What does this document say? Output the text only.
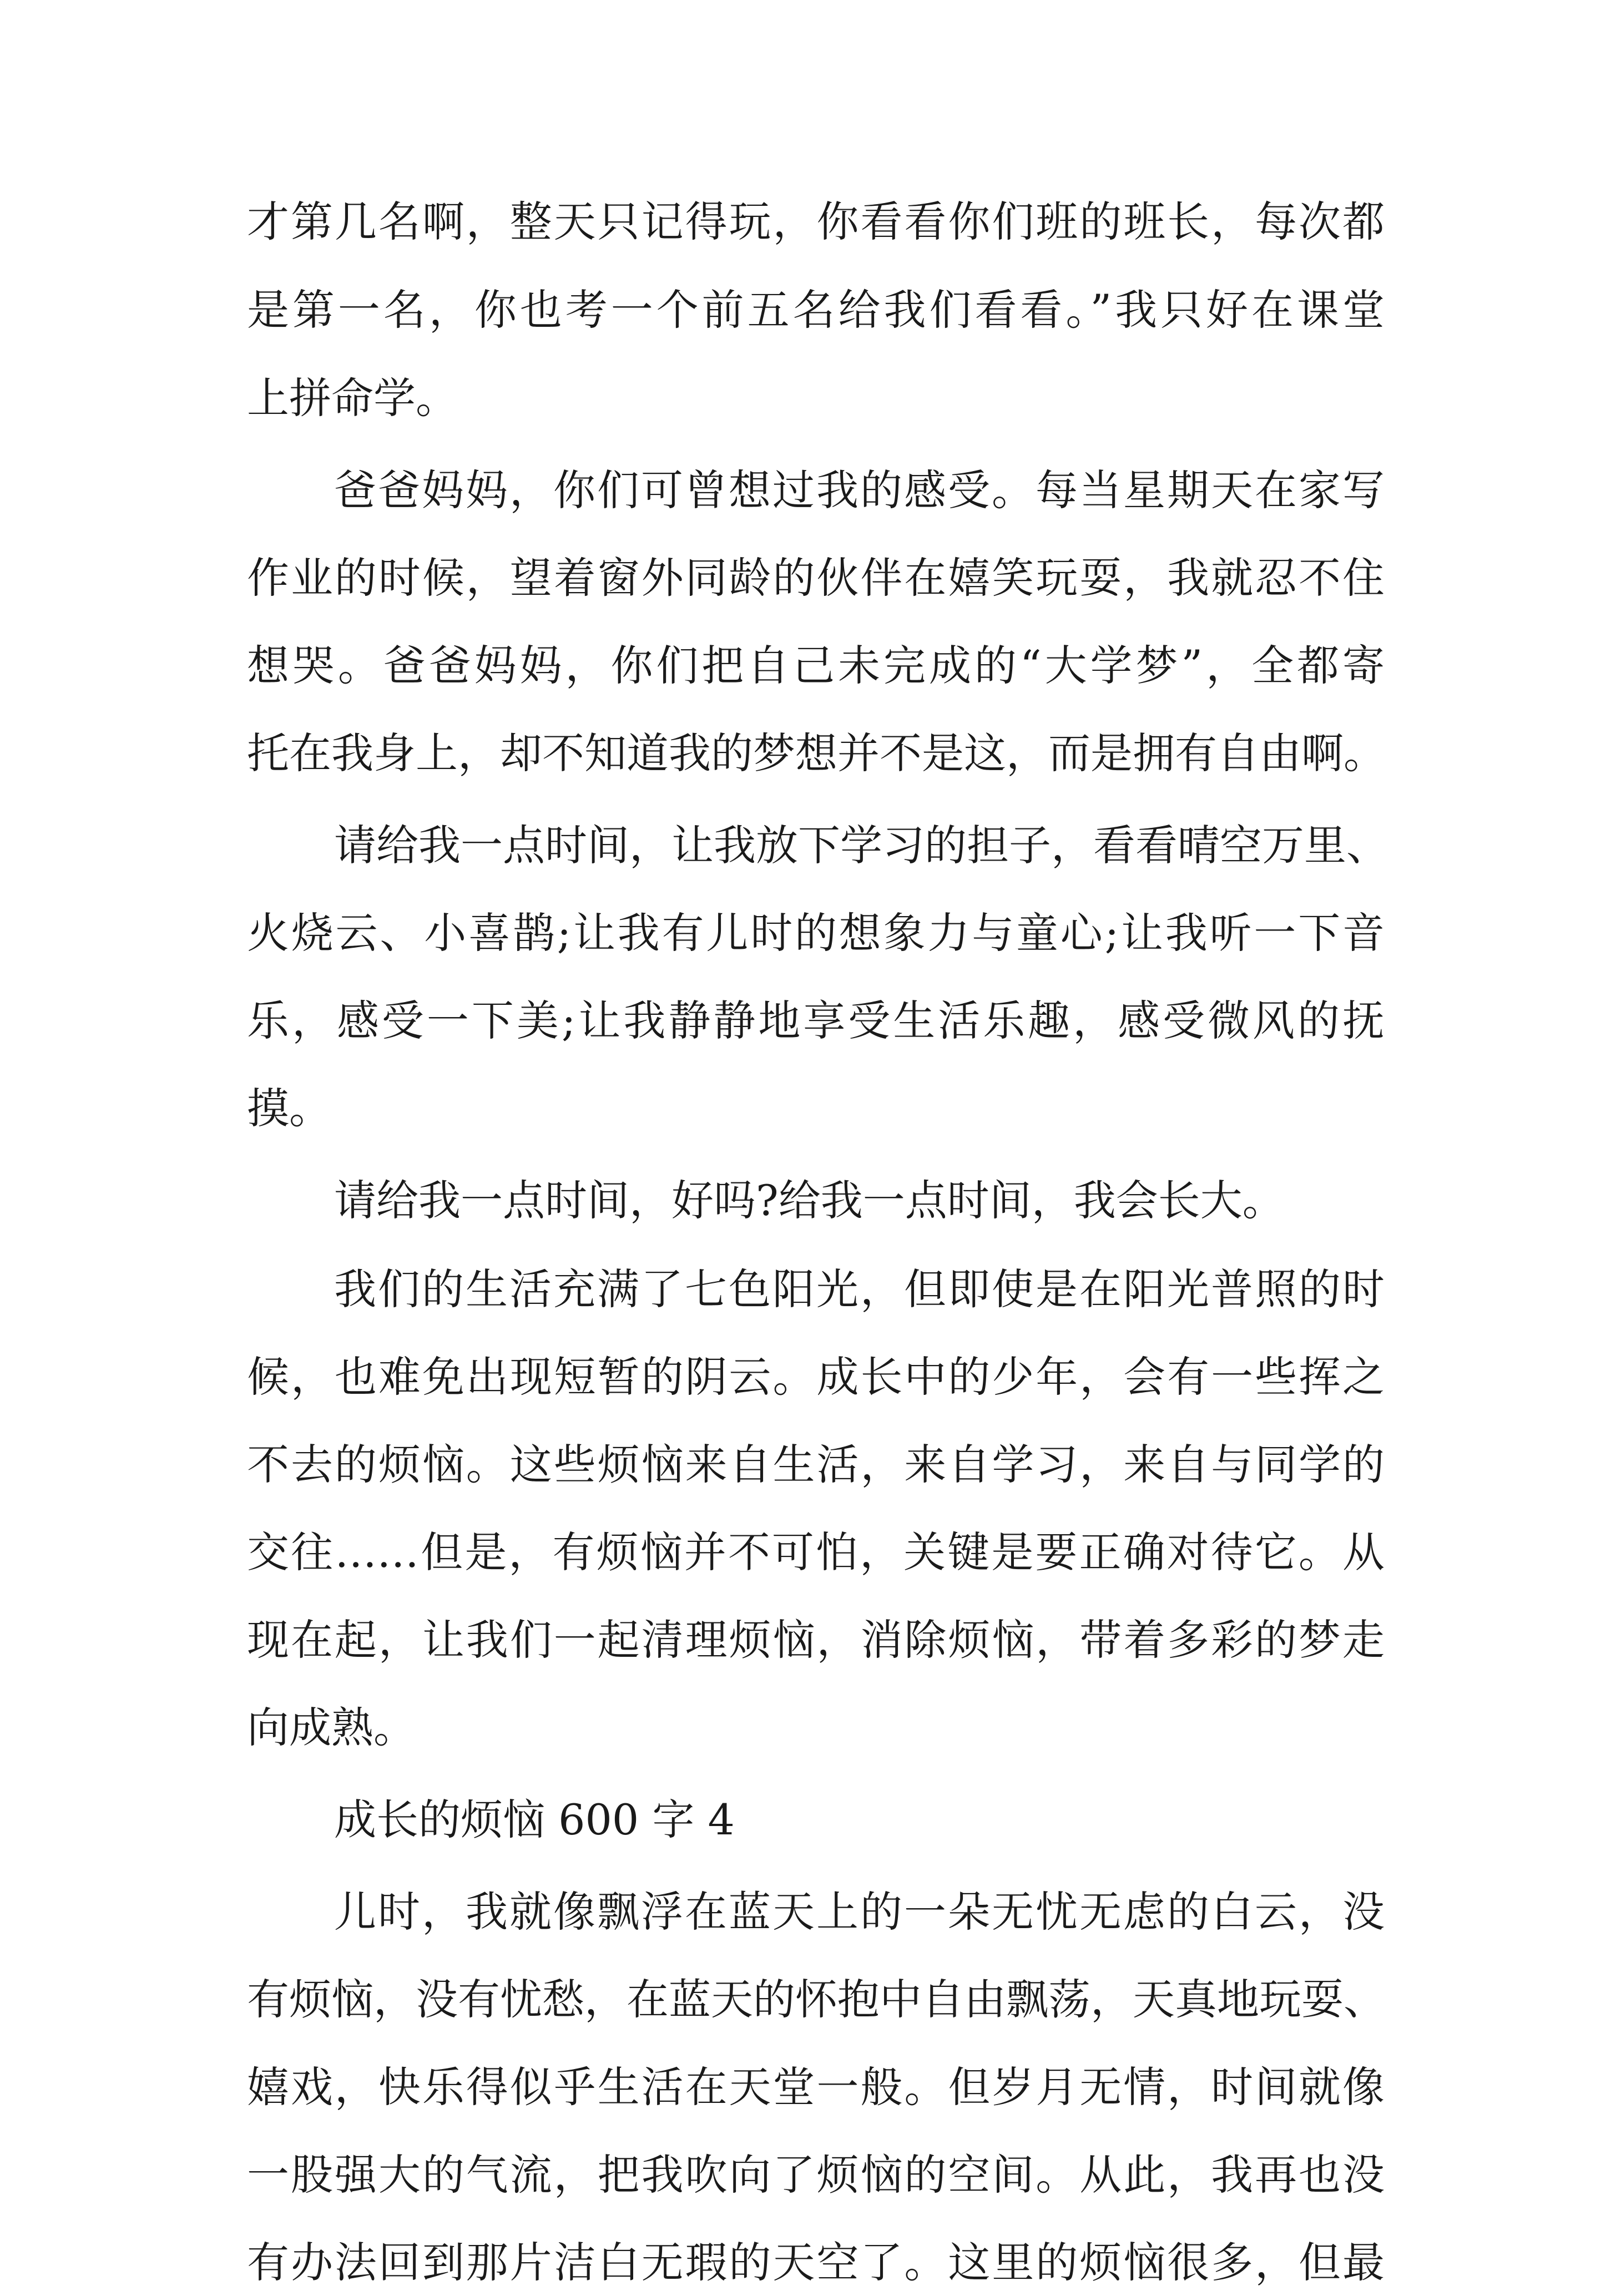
才第几名啊，整天只记得玩，你看看你们班的班长，每次都
是第一名，你也考一个前五名给我们看看。”我只好在课堂
上拼命学。
爸爸妈妈，你们可曾想过我的感受。每当星期天在家写
作业的时候，望着窗外同龄的伙伴在嬉笑玩耍，我就忍不住
想哭。爸爸妈妈，你们把自己未完成的“大学梦”，全都寄
托在我身上，却不知道我的梦想并不是这，而是拥有自由啊。
请给我一点时间，让我放下学习的担子，看看晴空万里、
火烧云、小喜鹊;让我有儿时的想象力与童心;让我听一下音
乐，感受一下美;让我静静地享受生活乐趣，感受微风的抚
摸。
请给我一点时间，好吗?给我一点时间，我会长大。
我们的生活充满了七色阳光，但即使是在阳光普照的时
候，也难免出现短暂的阴云。成长中的少年，会有一些挥之
不去的烦恼。这些烦恼来自生活，来自学习，来自与同学的
交往……但是，有烦恼并不可怕，关键是要正确对待它。从
现在起，让我们一起清理烦恼，消除烦恼，带着多彩的梦走
向成熟。
成长的烦恼 600 字 4
儿时，我就像飘浮在蓝天上的一朵无忧无虑的白云，没
有烦恼，没有忧愁，在蓝天的怀抱中自由飘荡，天真地玩耍、
嬉戏，快乐得似乎生活在天堂一般。但岁月无情，时间就像
一股强大的气流，把我吹向了烦恼的空间。从此，我再也没
有办法回到那片洁白无瑕的天空了。这里的烦恼很多，但最
